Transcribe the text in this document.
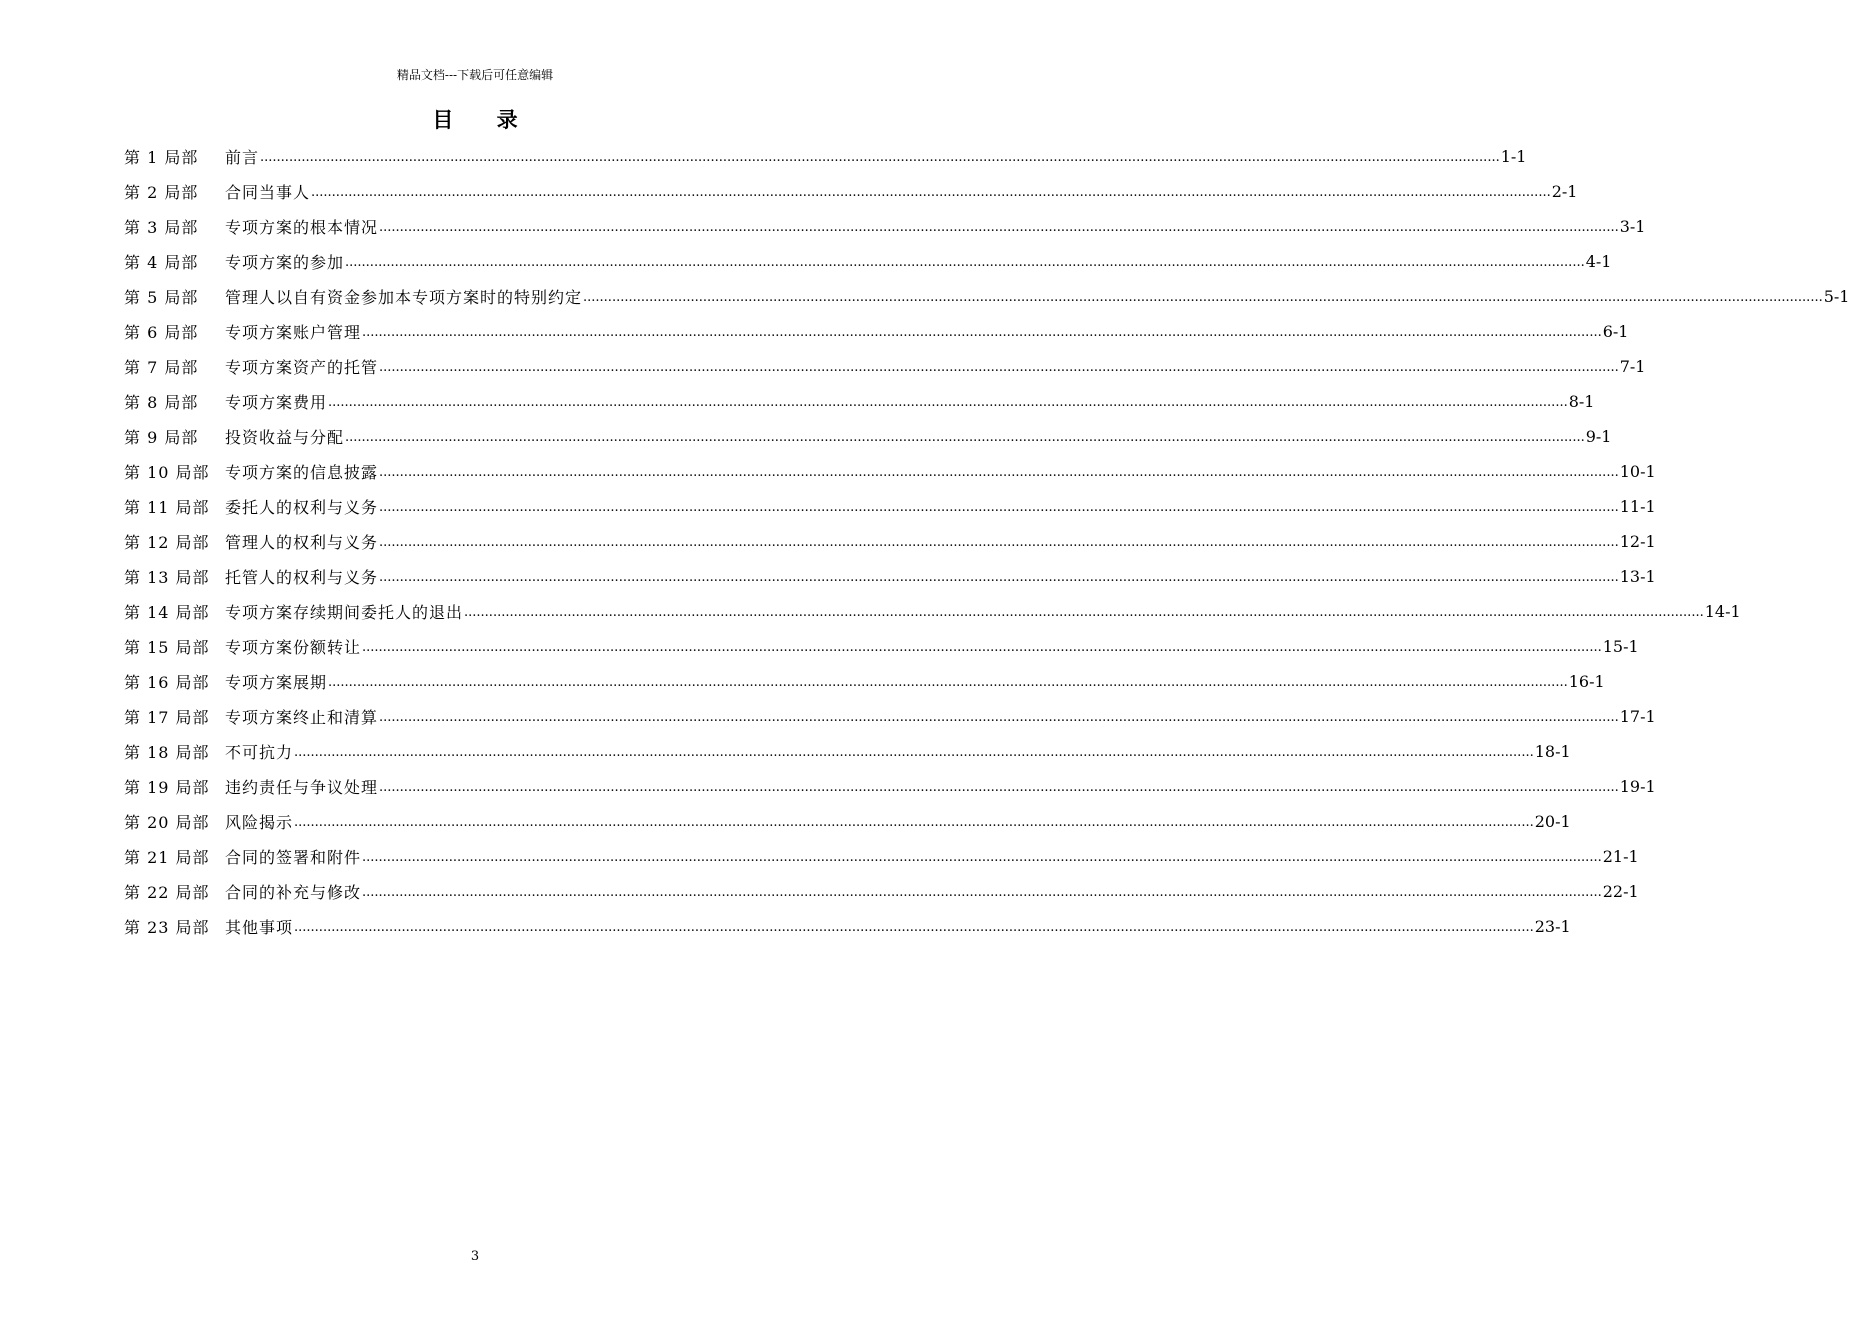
精品文档---下载后可任意编辑
目 录
第 1 局部	前言 ............................................................................................................................................................................................................................................................................................................ 1-1
第 2 局部	合同当事人 ............................................................................................................................................................................................................................................................................................................ 2-1
第 3 局部	专项方案的根本情况 ............................................................................................................................................................................................................................................................................................................ 3-1
第 4 局部	专项方案的参加 ............................................................................................................................................................................................................................................................................................................ 4-1
第 5 局部	管理人以自有资金参加本专项方案时的特别约定 ............................................................................................................................................................................................................................................................................................................ 5-1
第 6 局部	专项方案账户管理 ............................................................................................................................................................................................................................................................................................................ 6-1
第 7 局部	专项方案资产的托管 ............................................................................................................................................................................................................................................................................................................ 7-1
第 8 局部	专项方案费用 ............................................................................................................................................................................................................................................................................................................ 8-1
第 9 局部	投资收益与分配 ............................................................................................................................................................................................................................................................................................................ 9-1
第 10 局部 专项方案的信息披露 ............................................................................................................................................................................................................................................................................................................ 10-1
第 11 局部 委托人的权利与义务 ............................................................................................................................................................................................................................................................................................................ 11-1
第 12 局部 管理人的权利与义务 ............................................................................................................................................................................................................................................................................................................ 12-1
第 13 局部 托管人的权利与义务 ............................................................................................................................................................................................................................................................................................................ 13-1
第 14 局部 专项方案存续期间委托人的退出 ............................................................................................................................................................................................................................................................................................................ 14-1
第 15 局部 专项方案份额转让 ............................................................................................................................................................................................................................................................................................................ 15-1
第 16 局部 专项方案展期 ............................................................................................................................................................................................................................................................................................................ 16-1
第 17 局部 专项方案终止和清算 ............................................................................................................................................................................................................................................................................................................ 17-1
第 18 局部 不可抗力 ............................................................................................................................................................................................................................................................................................................ 18-1
第 19 局部 违约责任与争议处理 ............................................................................................................................................................................................................................................................................................................ 19-1
第 20 局部 风险揭示 ............................................................................................................................................................................................................................................................................................................ 20-1
第 21 局部 合同的签署和附件 ............................................................................................................................................................................................................................................................................................................ 21-1
第 22 局部 合同的补充与修改 ............................................................................................................................................................................................................................................................................................................ 22-1
第 23 局部 其他事项 ............................................................................................................................................................................................................................................................................................................ 23-1
3
